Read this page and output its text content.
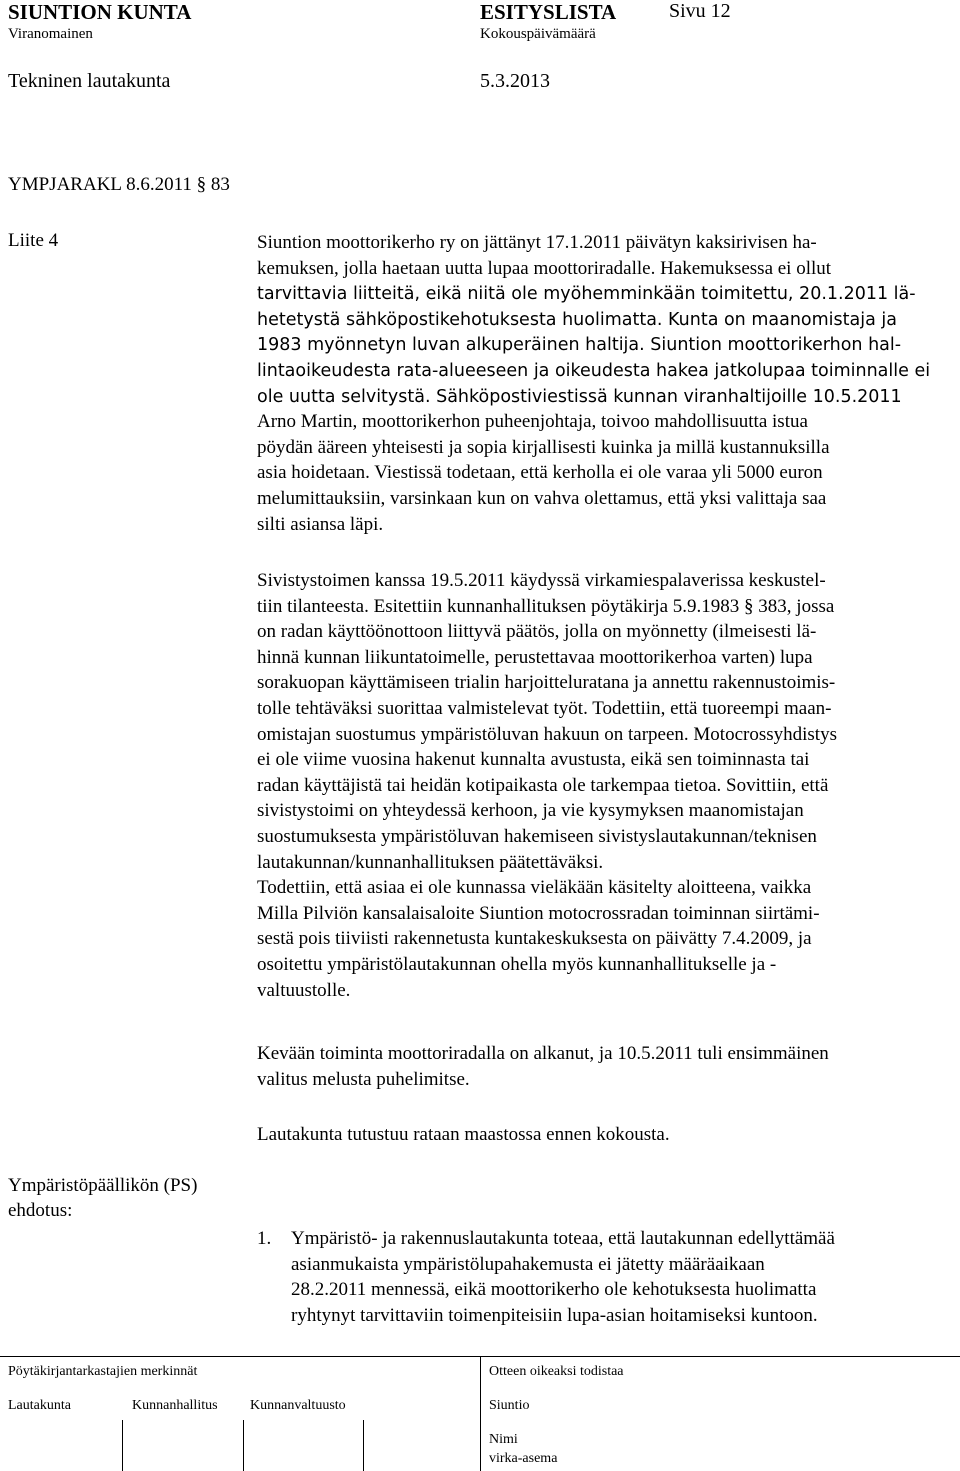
SIUNTION KUNTA
Viranomainen
Tekninen lautakunta
ESITYSLISTA
Kokouspäivämäärä
5.3.2013
Sivu 12
YMPJARAKL 8.6.2011 § 83
Liite 4	Siuntion moottorikerho ry on jättänyt 17.1.2011 päivätyn kaksirivisen ha-
kemuksen, jolla haetaan uutta lupaa moottoriradalle. Hakemuksessa ei ollut
tarvittavia liitteitä, eikä niitä ole myöhemminkään toimitettu, 20.1.2011 lä-
hetetystä sähköpostikehotuksesta huolimatta. Kunta on maanomistaja ja
1983 myönnetyn luvan alkuperäinen haltija. Siuntion moottorikerhon hal-
lintaoikeudesta rata-alueeseen ja oikeudesta hakea jatkolupaa toiminnalle ei
ole uutta selvitystä. Sähköpostiviestissä kunnan viranhaltijoille 10.5.2011
Arno Martin, moottorikerhon puheenjohtaja, toivoo mahdollisuutta istua
pöydän ääreen yhteisesti ja sopia kirjallisesti kuinka ja millä kustannuksilla
asia hoidetaan. Viestissä todetaan, että kerholla ei ole varaa yli 5000 euron
melumittauksiin, varsinkaan kun on vahva olettamus, että yksi valittaja saa
silti asiansa läpi.
Sivistystoimen kanssa 19.5.2011 käydyssä virkamiespalaverissa keskustel-
tiin tilanteesta. Esitettiin kunnanhallituksen pöytäkirja 5.9.1983 § 383, jossa
on radan käyttöönottoon liittyvä päätös, jolla on myönnetty (ilmeisesti lä-
hinnä kunnan liikuntatoimelle, perustettavaa moottorikerhoa varten) lupa
sorakuopan käyttämiseen trialin harjoitteluratana ja annettu rakennustoimis-
tolle tehtäväksi suorittaa valmistelevat työt. Todettiin, että tuoreempi maan-
omistajan suostumus ympäristöluvan hakuun on tarpeen. Motocrossyhdistys
ei ole viime vuosina hakenut kunnalta avustusta, eikä sen toiminnasta tai
radan käyttäjistä tai heidän kotipaikasta ole tarkempaa tietoa. Sovittiin, että
sivistystoimi on yhteydessä kerhoon, ja vie kysymyksen maanomistajan
suostumuksesta ympäristöluvan hakemiseen sivistyslautakunnan/teknisen
lautakunnan/kunnanhallituksen päätettäväksi.
Todettiin, että asiaa ei ole kunnassa vieläkään käsitelty aloitteena, vaikka
Milla Pilviön kansalaisaloite Siuntion motocrossradan toiminnan siirtämi-
sestä pois tiiviisti rakennetusta kuntakeskuksesta on päivätty 7.4.2009, ja
osoitettu ympäristölautakunnan ohella myös kunnanhallitukselle ja -
valtuustolle.
Kevään toiminta moottoriradalla on alkanut, ja 10.5.2011 tuli ensimmäinen
valitus melusta puhelimitse.
Lautakunta tutustuu rataan maastossa ennen kokousta.
Ympäristöpäällikön (PS)
ehdotus:
1. Ympäristö- ja rakennuslautakunta toteaa, että lautakunnan edellyttämää
asianmukaista ympäristölupahakemusta ei jätetty määräaikaan
28.2.2011 mennessä, eikä moottorikerho ole kehotuksesta huolimatta
ryhtynyt tarvittaviin toimenpiteisiin lupa-asian hoitamiseksi kuntoon.
Pöytäkirjantarkastajien merkinnät
Lautakunta	Kunnanhallitus Kunnanvaltuusto
Otteen oikeaksi todistaa
Siuntio
Nimi
virka-asema
